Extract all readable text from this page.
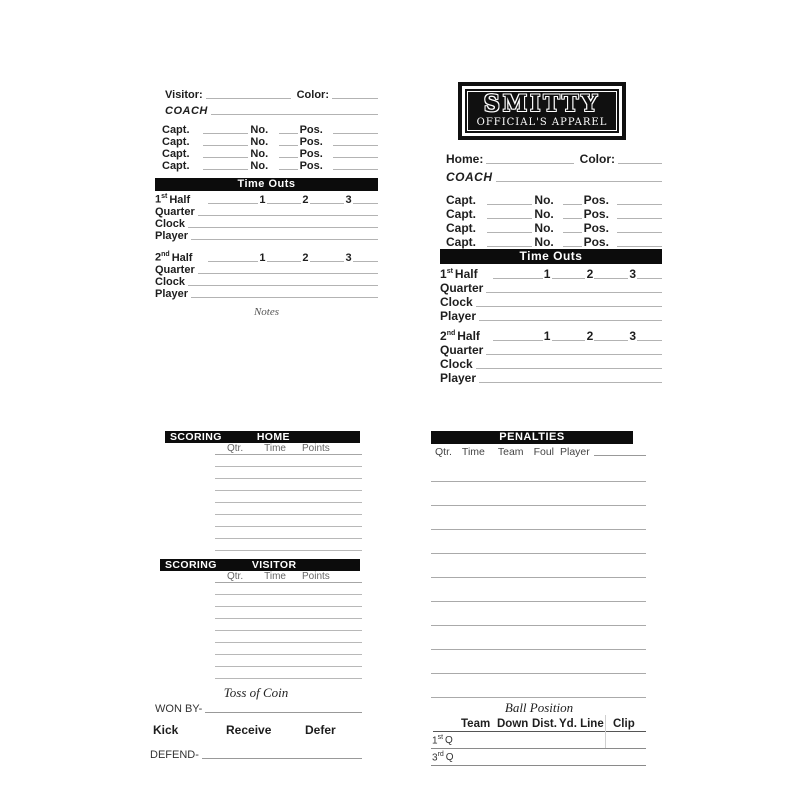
Visitor:	Color:
COACH
Capt.	No.	Pos.
Capt.	No.	Pos.
Capt.	No.	Pos.
Capt.	No.	Pos.
Time Outs
1st Half	1	2	3
Quarter
Clock
Player
2nd Half	1	2	3
Quarter
Clock
Player
Notes
SMITTY
OFFICIAL'S APPAREL
Home:	Color:
COACH
Capt.	No.	Pos.
Capt.	No.	Pos.
Capt.	No.	Pos.
Capt.	No.	Pos.
Time Outs
1st Half	1	2	3
Quarter
Clock
Player
2nd Half	1	2	3
Quarter
Clock
Player
SCORING	HOME
Qtr. Time Points
SCORING	VISITOR
Qtr. Time Points
Toss of Coin
WON BY-
Kick	Receive	Defer
DEFEND-
PENALTIES
Qtr. Time Team Foul Player
Ball Position
Team Down Dist. Yd. Line Clip
1st Q
3rd Q
